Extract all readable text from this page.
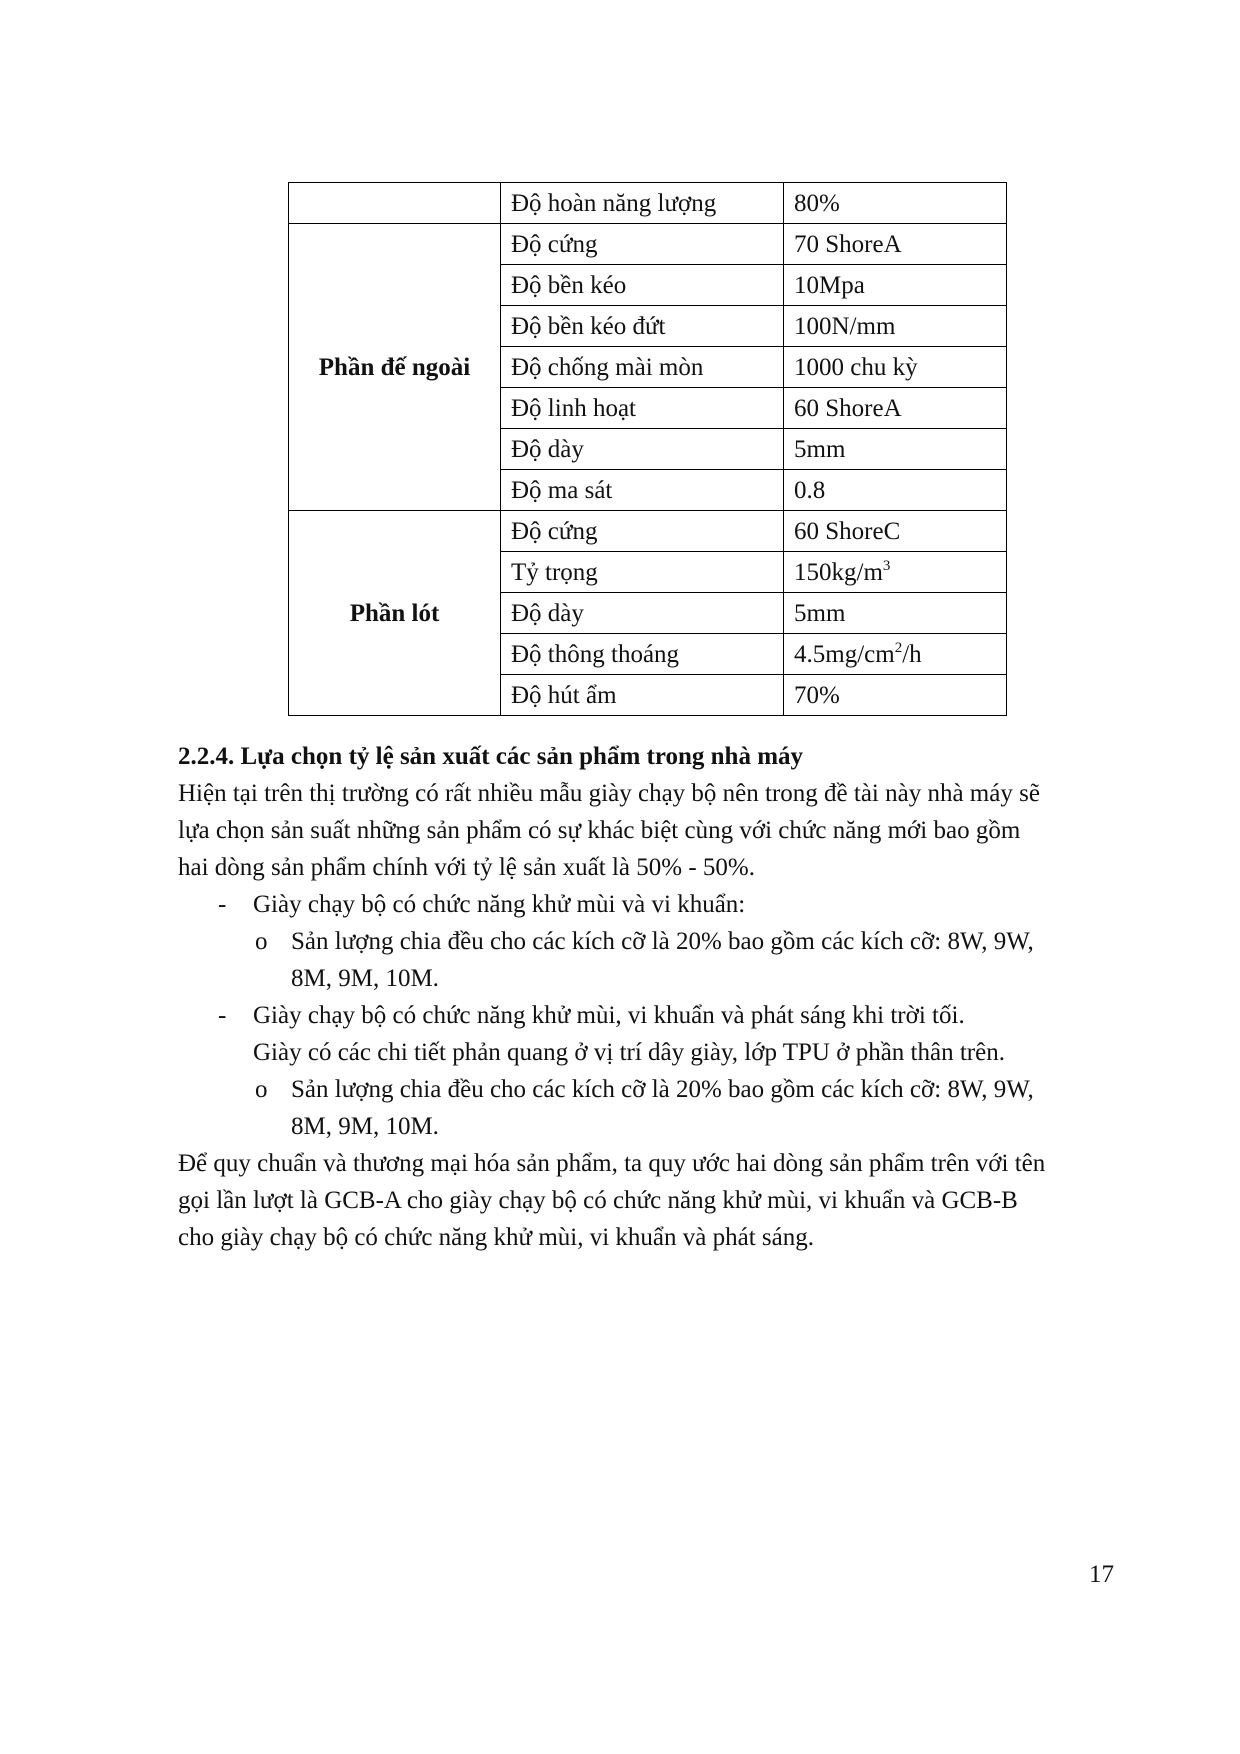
	Độ hoàn năng lượng	80%
Phần đế ngoài	Độ cứng	70 ShoreA
	Độ bền kéo	10Mpa
	Độ bền kéo đứt	100N/mm
	Độ chống mài mòn	1000 chu kỳ
	Độ linh hoạt	60 ShoreA
	Độ dày	5mm
	Độ ma sát	0.8
Phần lót	Độ cứng	60 ShoreC
	Tỷ trọng	$150kg/m^3$
	Độ dày	5mm
	Độ thông thoáng	$4.5mg/cm^2/h$
	Độ hút ẩm	70%
2.2.4. Lựa chọn tỷ lệ sản xuất các sản phẩm trong nhà máy
Hiện tại trên thị trường có rất nhiều mẫu giày chạy bộ nên trong đề tài này nhà máy sẽ
lựa chọn sản suất những sản phẩm có sự khác biệt cùng với chức năng mới bao gồm
hai dòng sản phẩm chính với tỷ lệ sản xuất là 50% - 50%.
- Giày chạy bộ có chức năng khử mùi và vi khuẩn:
o Sản lượng chia đều cho các kích cỡ là 20% bao gồm các kích cỡ: 8W, 9W,
8M, 9M, 10M.
- Giày chạy bộ có chức năng khử mùi, vi khuẩn và phát sáng khi trời tối.
Giày có các chi tiết phản quang ở vị trí dây giày, lớp TPU ở phần thân trên.
o Sản lượng chia đều cho các kích cỡ là 20% bao gồm các kích cỡ: 8W, 9W,
8M, 9M, 10M.
Để quy chuẩn và thương mại hóa sản phẩm, ta quy ước hai dòng sản phẩm trên với tên
gọi lần lượt là GCB-A cho giày chạy bộ có chức năng khử mùi, vi khuẩn và GCB-B
cho giày chạy bộ có chức năng khử mùi, vi khuẩn và phát sáng.
17
